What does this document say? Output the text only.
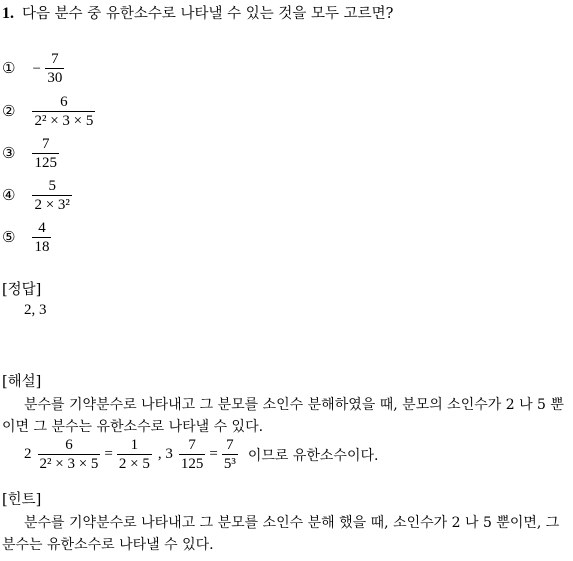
1. 다음 분수 중 유한소수로 나타낼 수 있는 것을 모두 고르면?
① − $\frac{7}{30}$
② $\frac{6}{\text{2² × 3 × 5}}$
③ $\frac{7}{125}$
④ $\frac{5}{\text{2 × 3²}}$
⑤ $\frac{4}{18}$
[정답]
2, 3
[해설]
분수를 기약분수로 나타내고 그 분모를 소인수 분해하였을 때, 분모의 소인수가 2 나 5 뿐이면 그 분수는 유한소수로 나타낼 수 있다.
$2 \frac{6}{\text{2² × 3 × 5}} = \frac{1}{2 \times 5}$ , $3 \frac{7}{125} = \frac{7}{\text{5³}}$ 이므로 유한소수이다.
[힌트]
분수를 기약분수로 나타내고 그 분모를 소인수 분해 했을 때, 소인수가 2 나 5 뿐이면, 그 분수는 유한소수로 나타낼 수 있다.
